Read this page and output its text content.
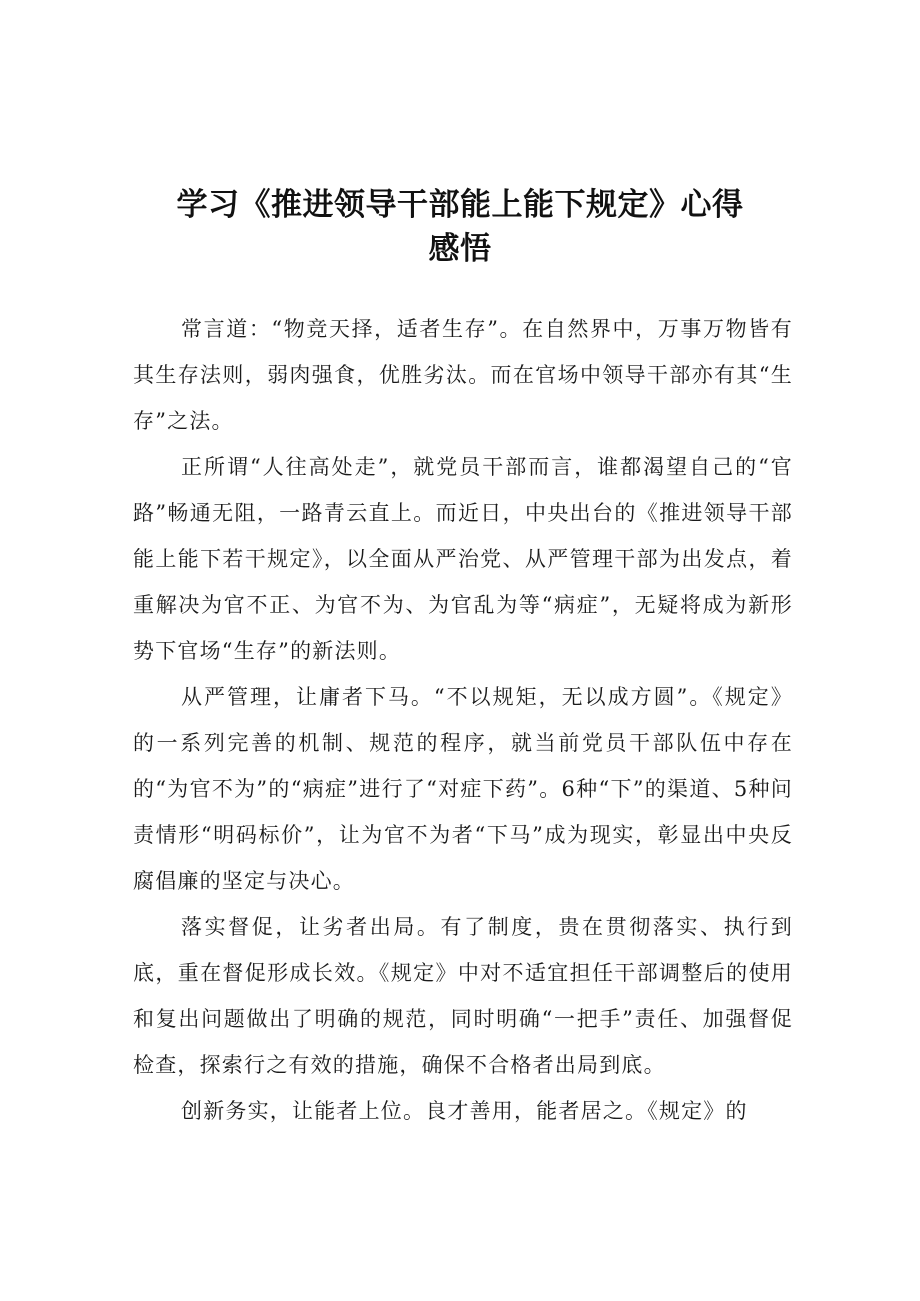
学习《推进领导干部能上能下规定》心得
感悟

常言道：“物竞天择，适者生存”。在自然界中，万事万物皆有其生存法则，弱肉强食，优胜劣汰。而在官场中领导干部亦有其“生存”之法。

正所谓“人往高处走”，就党员干部而言，谁都渴望自己的“官路”畅通无阻，一路青云直上。而近日，中央出台的《推进领导干部能上能下若干规定》，以全面从严治党、从严管理干部为出发点，着重解决为官不正、为官不为、为官乱为等“病症”，无疑将成为新形势下官场“生存”的新法则。

从严管理，让庸者下马。“不以规矩，无以成方圆”。《规定》的一系列完善的机制、规范的程序，就当前党员干部队伍中存在的“为官不为”的“病症”进行了“对症下药”。6种“下”的渠道、5种问责情形“明码标价”，让为官不为者“下马”成为现实，彰显出中央反腐倡廉的坚定与决心。

落实督促，让劣者出局。有了制度，贵在贯彻落实、执行到底，重在督促形成长效。《规定》中对不适宜担任干部调整后的使用和复出问题做出了明确的规范，同时明确“一把手”责任、加强督促检查，探索行之有效的措施，确保不合格者出局到底。

创新务实，让能者上位。良才善用，能者居之。《规定》的
